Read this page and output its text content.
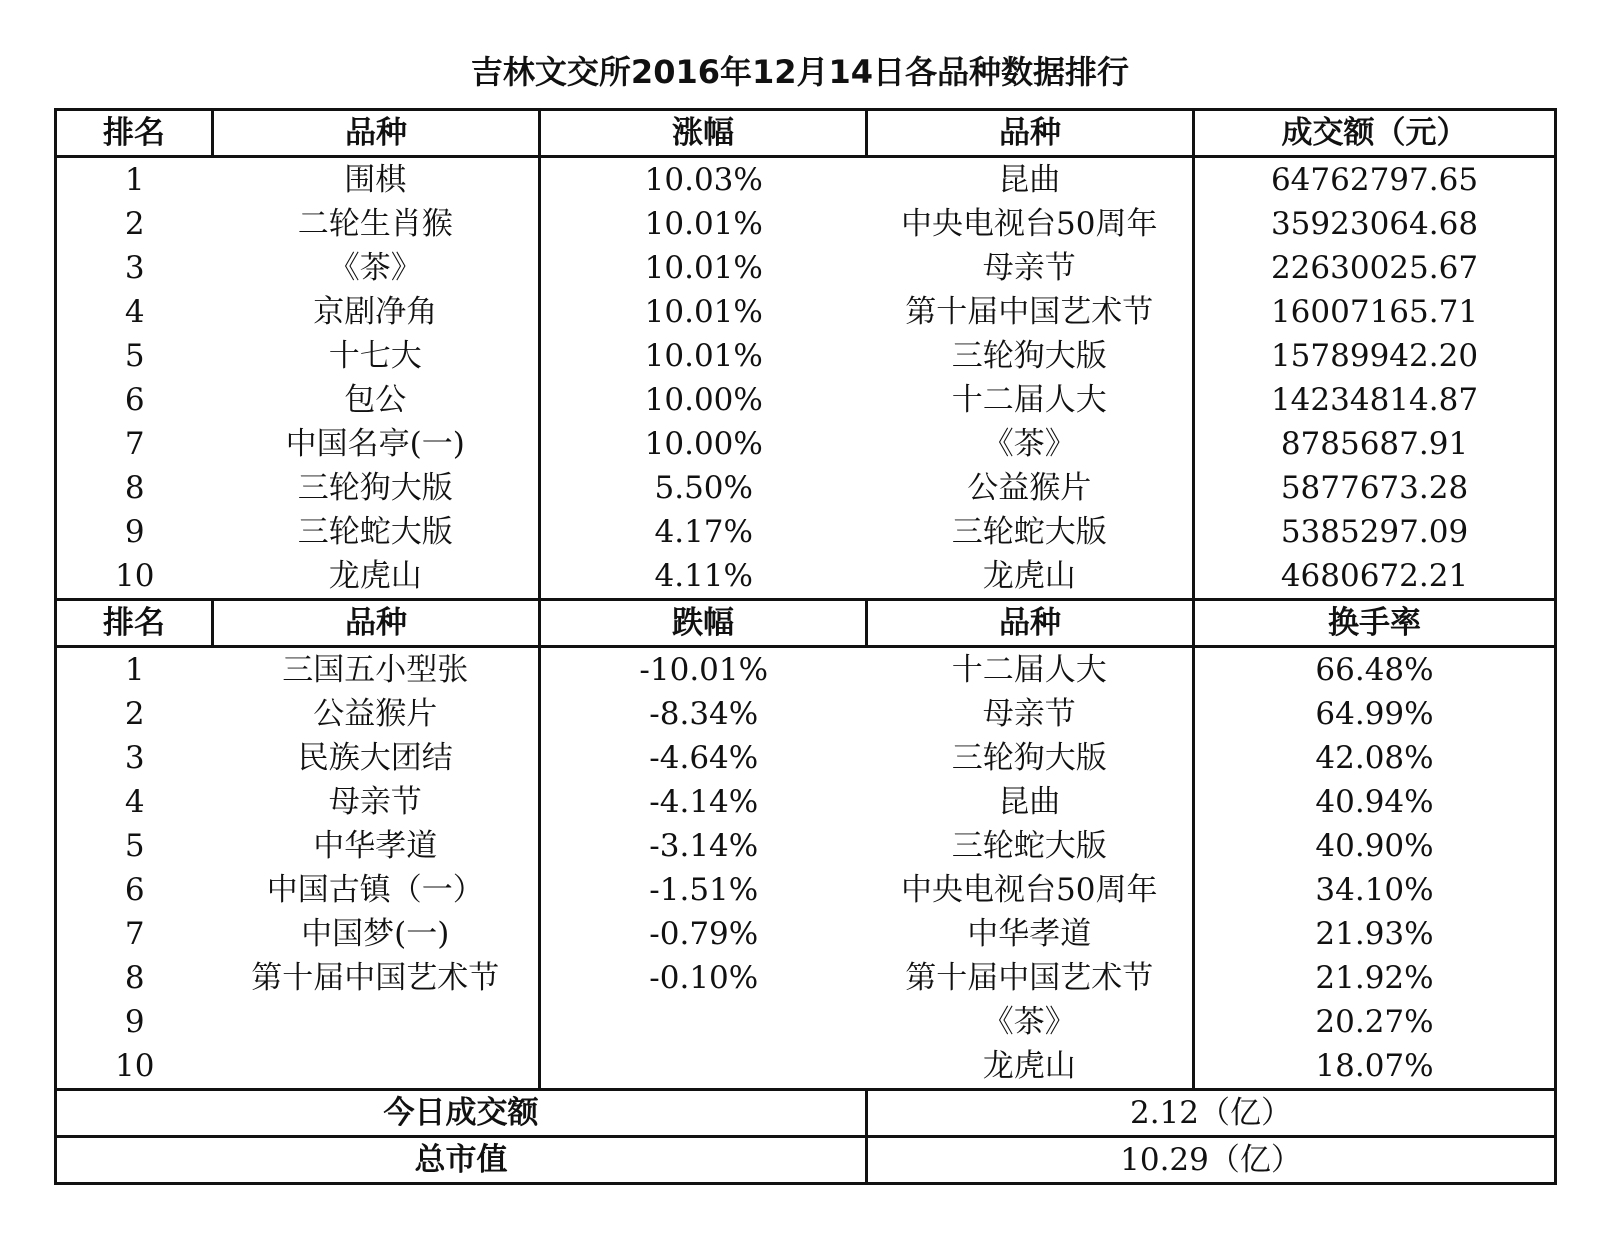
吉林文交所2016年12月14日各品种数据排行
排名	品种	涨幅	品种	成交额（元）
1	围棋	10.03%	昆曲	64762797.65
2	二轮生肖猴	10.01%	中央电视台50周年	35923064.68
3	《茶》	10.01%	母亲节	22630025.67
4	京剧净角	10.01%	第十届中国艺术节	16007165.71
5	十七大	10.01%	三轮狗大版	15789942.20
6	包公	10.00%	十二届人大	14234814.87
7	中国名亭(一)	10.00%	《茶》	8785687.91
8	三轮狗大版	5.50%	公益猴片	5877673.28
9	三轮蛇大版	4.17%	三轮蛇大版	5385297.09
10	龙虎山	4.11%	龙虎山	4680672.21
排名	品种	跌幅	品种	换手率
1	三国五小型张	-10.01%	十二届人大	66.48%
2	公益猴片	-8.34%	母亲节	64.99%
3	民族大团结	-4.64%	三轮狗大版	42.08%
4	母亲节	-4.14%	昆曲	40.94%
5	中华孝道	-3.14%	三轮蛇大版	40.90%
6	中国古镇（一）	-1.51%	中央电视台50周年	34.10%
7	中国梦(一)	-0.79%	中华孝道	21.93%
8	第十届中国艺术节	-0.10%	第十届中国艺术节	21.92%
9			《茶》	20.27%
10			龙虎山	18.07%
今日成交额			2.12（亿）	
总市值			10.29（亿）	
